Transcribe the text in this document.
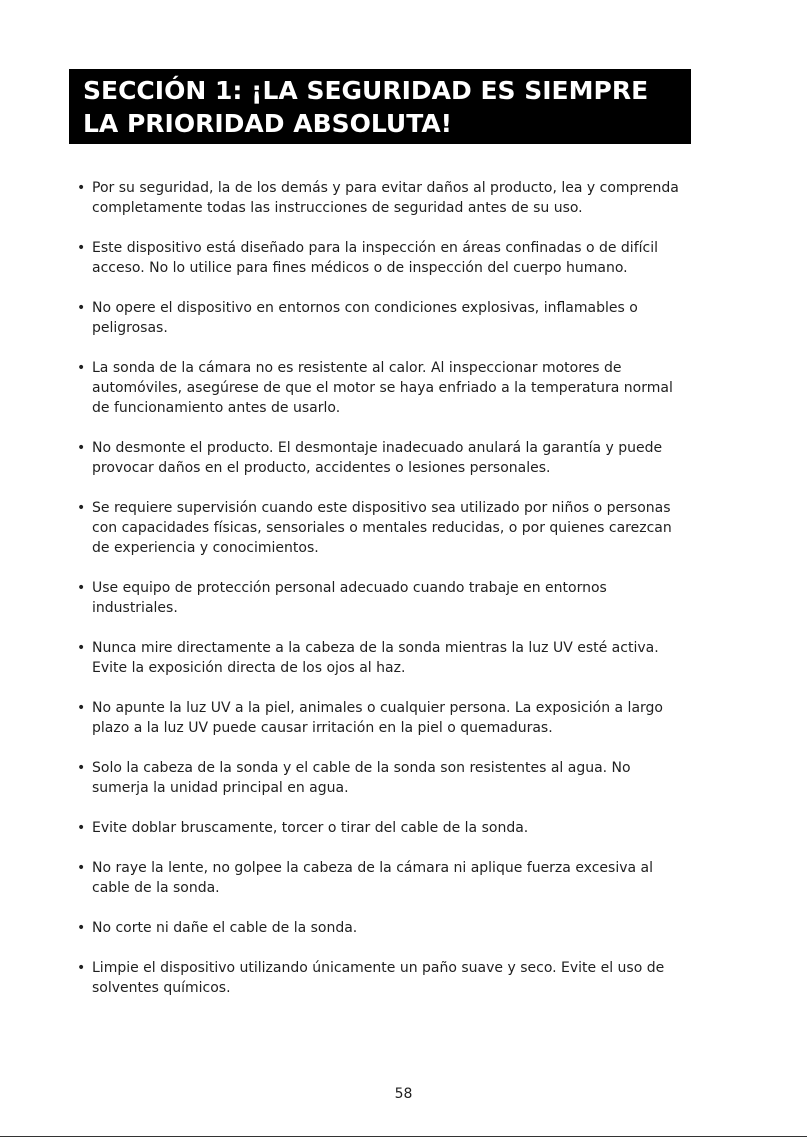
SECCIÓN 1: ¡LA SEGURIDAD ES SIEMPRE
LA PRIORIDAD ABSOLUTA!
• Por su seguridad, la de los demás y para evitar daños al producto, lea y comprenda completamente todas las instrucciones de seguridad antes de su uso.
• Este dispositivo está diseñado para la inspección en áreas confinadas o de difícil acceso. No lo utilice para fines médicos o de inspección del cuerpo humano.
• No opere el dispositivo en entornos con condiciones explosivas, inflamables o peligrosas.
• La sonda de la cámara no es resistente al calor. Al inspeccionar motores de automóviles, asegúrese de que el motor se haya enfriado a la temperatura normal de funcionamiento antes de usarlo.
• No desmonte el producto. El desmontaje inadecuado anulará la garantía y puede provocar daños en el producto, accidentes o lesiones personales.
• Se requiere supervisión cuando este dispositivo sea utilizado por niños o personas con capacidades físicas, sensoriales o mentales reducidas, o por quienes carezcan de experiencia y conocimientos.
• Use equipo de protección personal adecuado cuando trabaje en entornos industriales.
• Nunca mire directamente a la cabeza de la sonda mientras la luz UV esté activa. Evite la exposición directa de los ojos al haz.
• No apunte la luz UV a la piel, animales o cualquier persona. La exposición a largo plazo a la luz UV puede causar irritación en la piel o quemaduras.
• Solo la cabeza de la sonda y el cable de la sonda son resistentes al agua. No sumerja la unidad principal en agua.
• Evite doblar bruscamente, torcer o tirar del cable de la sonda.
• No raye la lente, no golpee la cabeza de la cámara ni aplique fuerza excesiva al cable de la sonda.
• No corte ni dañe el cable de la sonda.
• Limpie el dispositivo utilizando únicamente un paño suave y seco. Evite el uso de solventes químicos.
58
